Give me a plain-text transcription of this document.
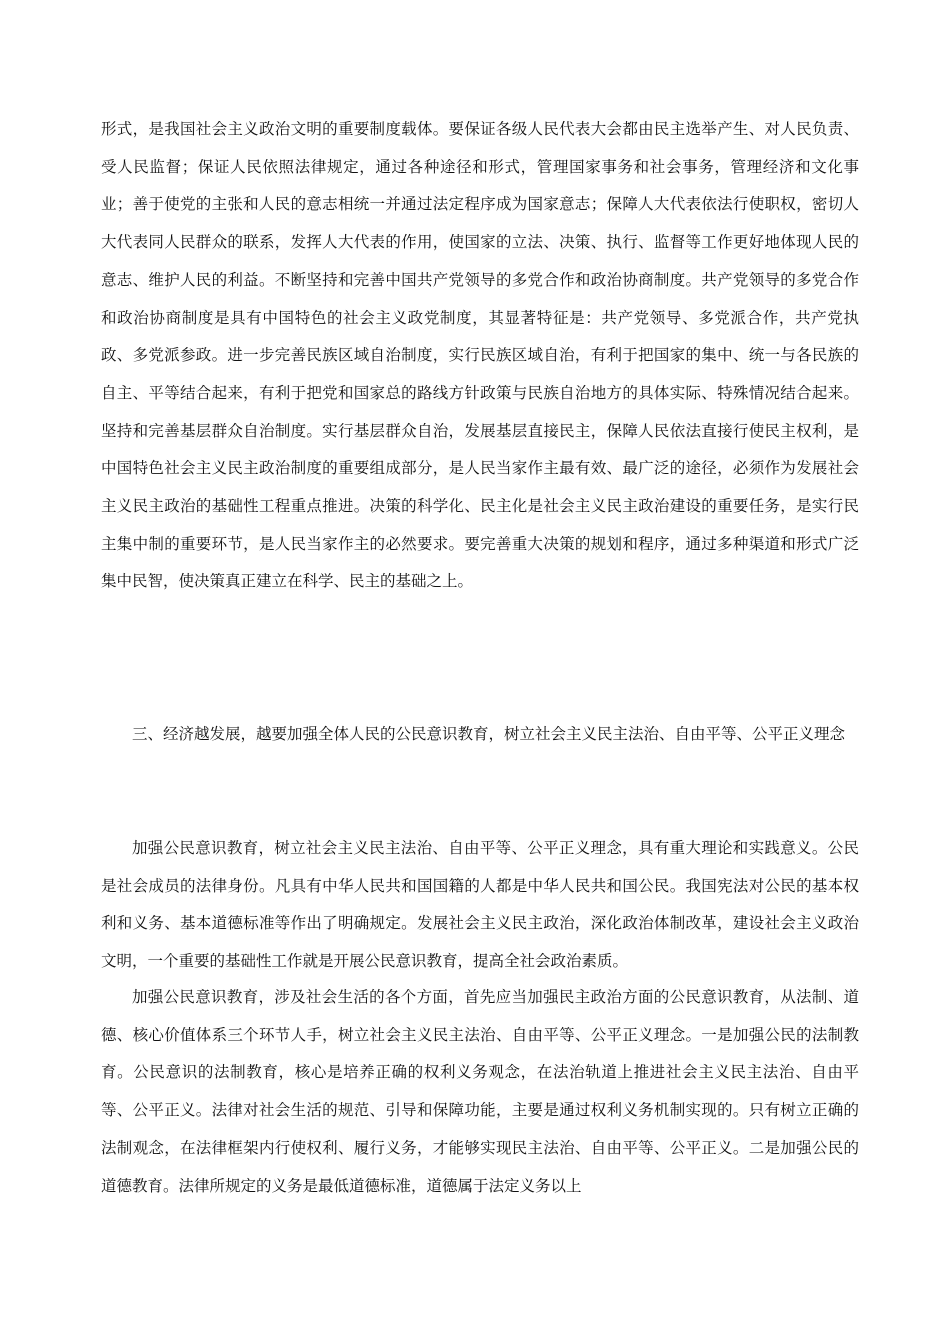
形式，是我国社会主义政治文明的重要制度载体。要保证各级人民代表大会都由民主选举产生、对人民负责、受人民监督；保证人民依照法律规定，通过各种途径和形式，管理国家事务和社会事务，管理经济和文化事业；善于使党的主张和人民的意志相统一并通过法定程序成为国家意志；保障人大代表依法行使职权，密切人大代表同人民群众的联系，发挥人大代表的作用，使国家的立法、决策、执行、监督等工作更好地体现人民的意志、维护人民的利益。不断坚持和完善中国共产党领导的多党合作和政治协商制度。共产党领导的多党合作和政治协商制度是具有中国特色的社会主义政党制度，其显著特征是：共产党领导、多党派合作，共产党执政、多党派参政。进一步完善民族区域自治制度，实行民族区域自治，有利于把国家的集中、统一与各民族的自主、平等结合起来，有利于把党和国家总的路线方针政策与民族自治地方的具体实际、特殊情况结合起来。坚持和完善基层群众自治制度。实行基层群众自治，发展基层直接民主，保障人民依法直接行使民主权利，是中国特色社会主义民主政治制度的重要组成部分，是人民当家作主最有效、最广泛的途径，必须作为发展社会主义民主政治的基础性工程重点推进。决策的科学化、民主化是社会主义民主政治建设的重要任务，是实行民主集中制的重要环节，是人民当家作主的必然要求。要完善重大决策的规划和程序，通过多种渠道和形式广泛集中民智，使决策真正建立在科学、民主的基础之上。

三、经济越发展，越要加强全体人民的公民意识教育，树立社会主义民主法治、自由平等、公平正义理念

加强公民意识教育，树立社会主义民主法治、自由平等、公平正义理念，具有重大理论和实践意义。公民是社会成员的法律身份。凡具有中华人民共和国国籍的人都是中华人民共和国公民。我国宪法对公民的基本权利和义务、基本道德标准等作出了明确规定。发展社会主义民主政治，深化政治体制改革，建设社会主义政治文明，一个重要的基础性工作就是开展公民意识教育，提高全社会政治素质。

加强公民意识教育，涉及社会生活的各个方面，首先应当加强民主政治方面的公民意识教育，从法制、道德、核心价值体系三个环节人手，树立社会主义民主法治、自由平等、公平正义理念。一是加强公民的法制教育。公民意识的法制教育，核心是培养正确的权利义务观念，在法治轨道上推进社会主义民主法治、自由平等、公平正义。法律对社会生活的规范、引导和保障功能，主要是通过权利义务机制实现的。只有树立正确的法制观念，在法律框架内行使权利、履行义务，才能够实现民主法治、自由平等、公平正义。二是加强公民的道德教育。法律所规定的义务是最低道德标准，道德属于法定义务以上
